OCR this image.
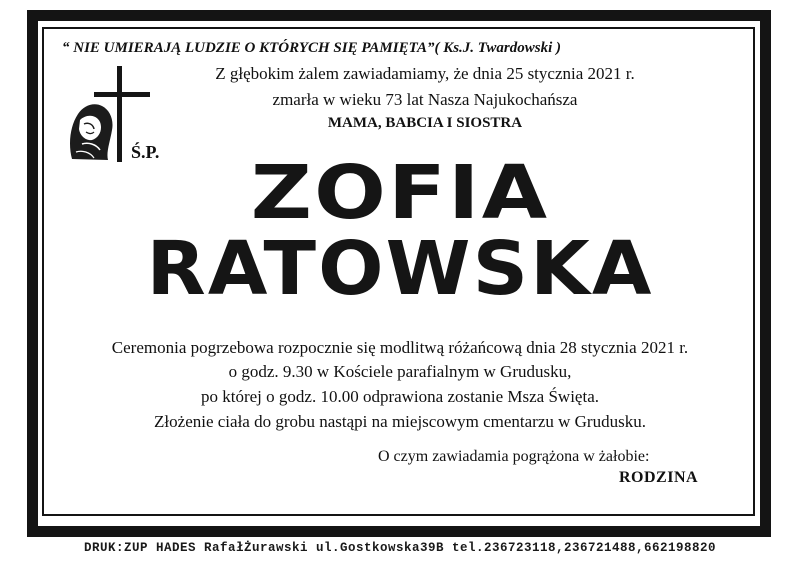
“ NIE UMIERAJĄ LUDZIE O KTÓRYCH SIĘ PAMIĘTA”( Ks.J. Twardowski )
Z głębokim żalem zawiadamiamy, że dnia 25 stycznia 2021 r.
zmarła w wieku 73 lat Nasza Najukochańsza
MAMA, BABCIA I SIOSTRA
Ś.P.	ZOFIA
RATOWSKA
Ceremonia pogrzebowa rozpocznie się modlitwą różańcową dnia 28 stycznia 2021 r.
o godz. 9.30 w Kościele parafialnym w Grudusku,
po której o godz. 10.00 odprawiona zostanie Msza Święta.
Złożenie ciała do grobu nastąpi na miejscowym cmentarzu w Grudusku.
O czym zawiadamia pogrążona w żałobie:
RODZINA
DRUK:ZUP HADES RafałŻurawski ul.Gostkowska39B tel.236723118,236721488,662198820
